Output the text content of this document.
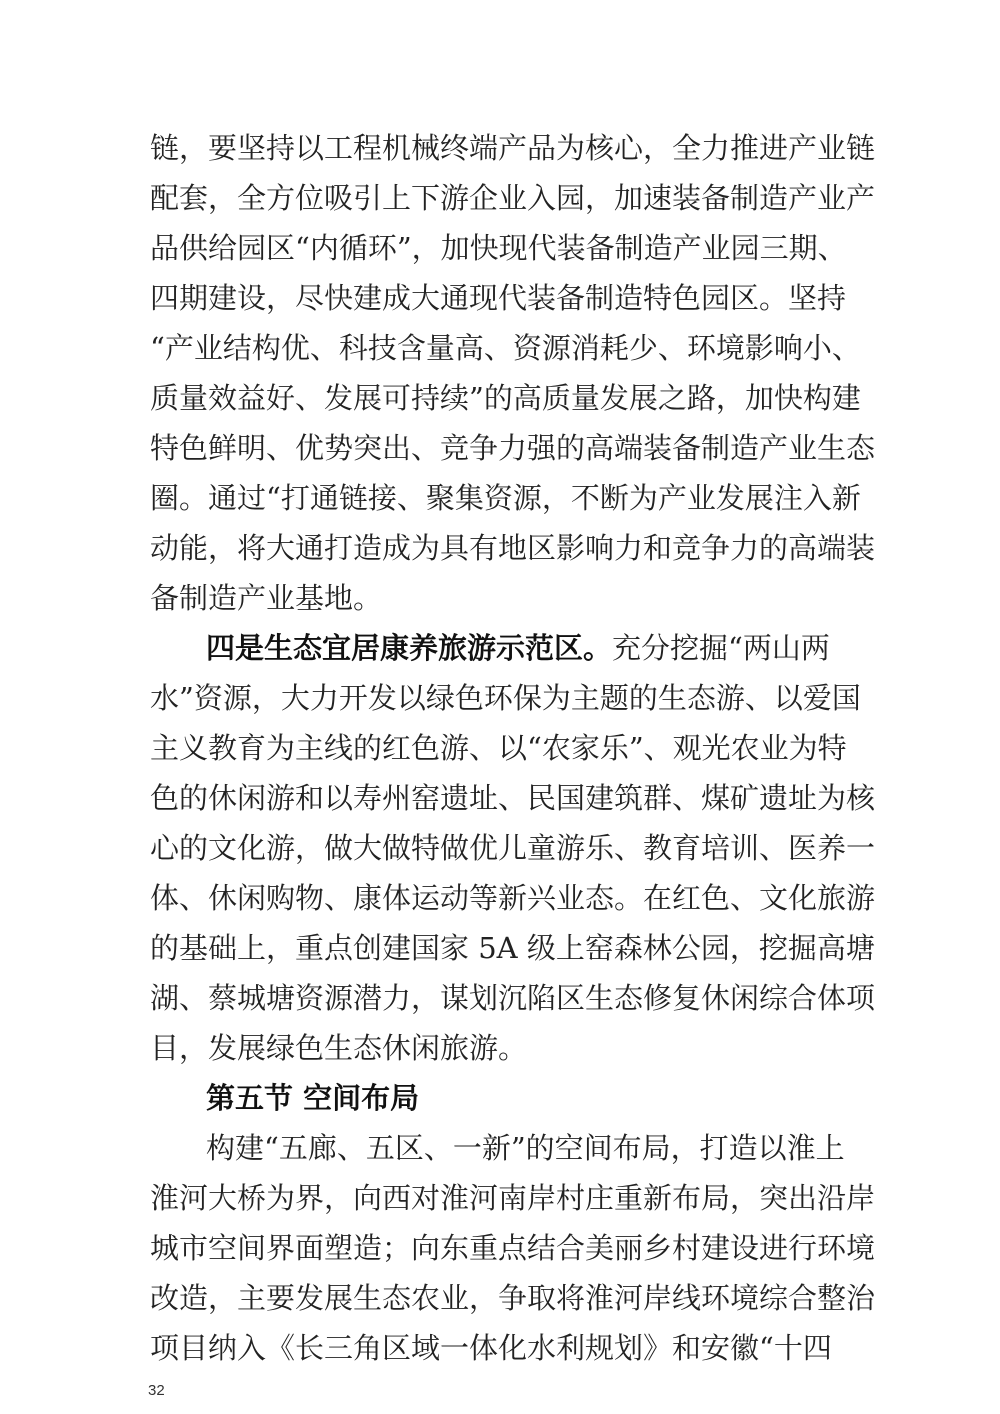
链，要坚持以工程机械终端产品为核心，全力推进产业链
配套，全方位吸引上下游企业入园，加速装备制造产业产
品供给园区“内循环”，加快现代装备制造产业园三期、
四期建设，尽快建成大通现代装备制造特色园区。坚持
“产业结构优、科技含量高、资源消耗少、环境影响小、
质量效益好、发展可持续”的高质量发展之路，加快构建
特色鲜明、优势突出、竞争力强的高端装备制造产业生态
圈。通过“打通链接、聚集资源，不断为产业发展注入新
动能，将大通打造成为具有地区影响力和竞争力的高端装
备制造产业基地。
四是生态宜居康养旅游示范区。充分挖掘“两山两
水”资源，大力开发以绿色环保为主题的生态游、以爱国
主义教育为主线的红色游、以“农家乐”、观光农业为特
色的休闲游和以寿州窑遗址、民国建筑群、煤矿遗址为核
心的文化游，做大做特做优儿童游乐、教育培训、医养一
体、休闲购物、康体运动等新兴业态。在红色、文化旅游
的基础上，重点创建国家 5A 级上窑森林公园，挖掘高塘
湖、蔡城塘资源潜力，谋划沉陷区生态修复休闲综合体项
目，发展绿色生态休闲旅游。
第五节 空间布局
构建“五廊、五区、一新”的空间布局，打造以淮上
淮河大桥为界，向西对淮河南岸村庄重新布局，突出沿岸
城市空间界面塑造；向东重点结合美丽乡村建设进行环境
改造，主要发展生态农业，争取将淮河岸线环境综合整治
项目纳入《长三角区域一体化水利规划》和安徽“十四
32
